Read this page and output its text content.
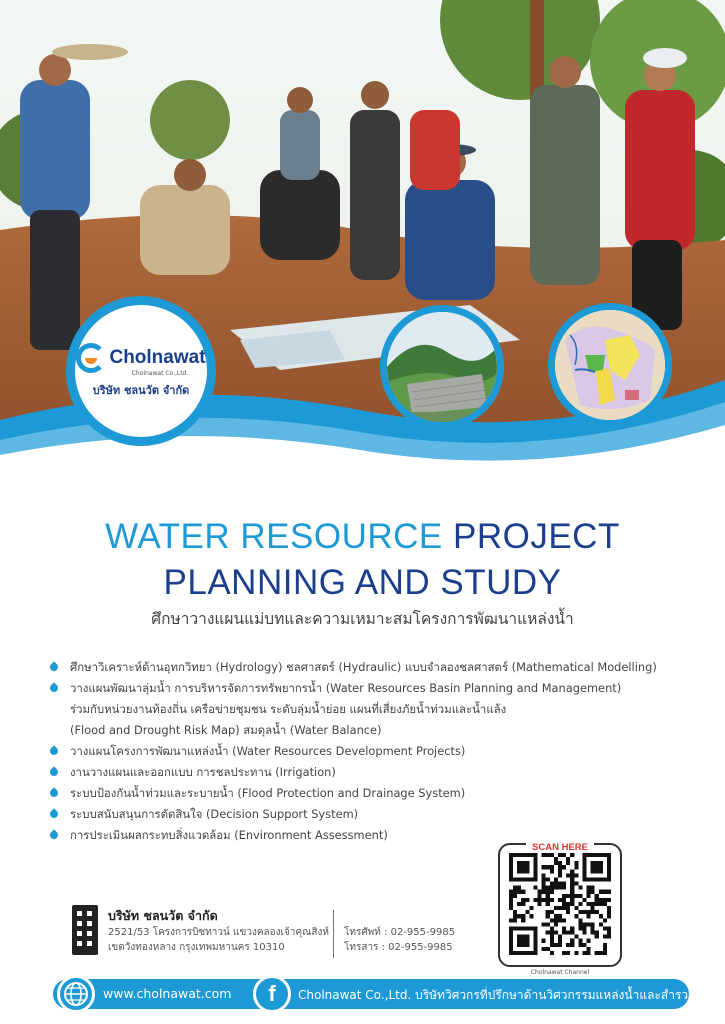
Cholnawat
Cholnawat Co.,Ltd.
บริษัท ชลนวัต จำกัด
WATER RESOURCE PROJECT
PLANNING AND STUDY
ศึกษาวางแผนแม่บทและความเหมาะสมโครงการพัฒนาแหล่งน้ำ
ศึกษาวิเคราะห์ด้านอุทกวิทยา (Hydrology) ชลศาสตร์ (Hydraulic) แบบจำลองชลศาสตร์ (Mathematical Modelling)
วางแผนพัฒนาลุ่มน้ำ การบริหารจัดการทรัพยากรน้ำ (Water Resources Basin Planning and Management)
ร่วมกับหน่วยงานท้องถิ่น เครือข่ายชุมชน ระดับลุ่มน้ำย่อย แผนที่เสี่ยงภัยน้ำท่วมและน้ำแล้ง
(Flood and Drought Risk Map) สมดุลน้ำ (Water Balance)
วางแผนโครงการพัฒนาแหล่งน้ำ (Water Resources Development Projects)
งานวางแผนและออกแบบ การชลประทาน (Irrigation)
ระบบป้องกันน้ำท่วมและระบายน้ำ (Flood Protection and Drainage System)
ระบบสนับสนุนการตัดสินใจ (Decision Support System)
การประเมินผลกระทบสิ่งแวดล้อม (Environment Assessment)
บริษัท ชลนวัต จำกัด
2521/53 โครงการบิซทาวน์ แขวงคลองเจ้าคุณสิงห์
เขตวังทองหลาง กรุงเทพมหานคร 10310
โทรศัพท์ : 02-955-9985
โทรสาร : 02-955-9985
SCAN HERE
Cholnawat Channel
www.cholnawat.com	f	Cholnawat Co.,Ltd. บริษัทวิศวกรที่ปรึกษาด้านวิศวกรรมแหล่งน้ำและสำรวจ
